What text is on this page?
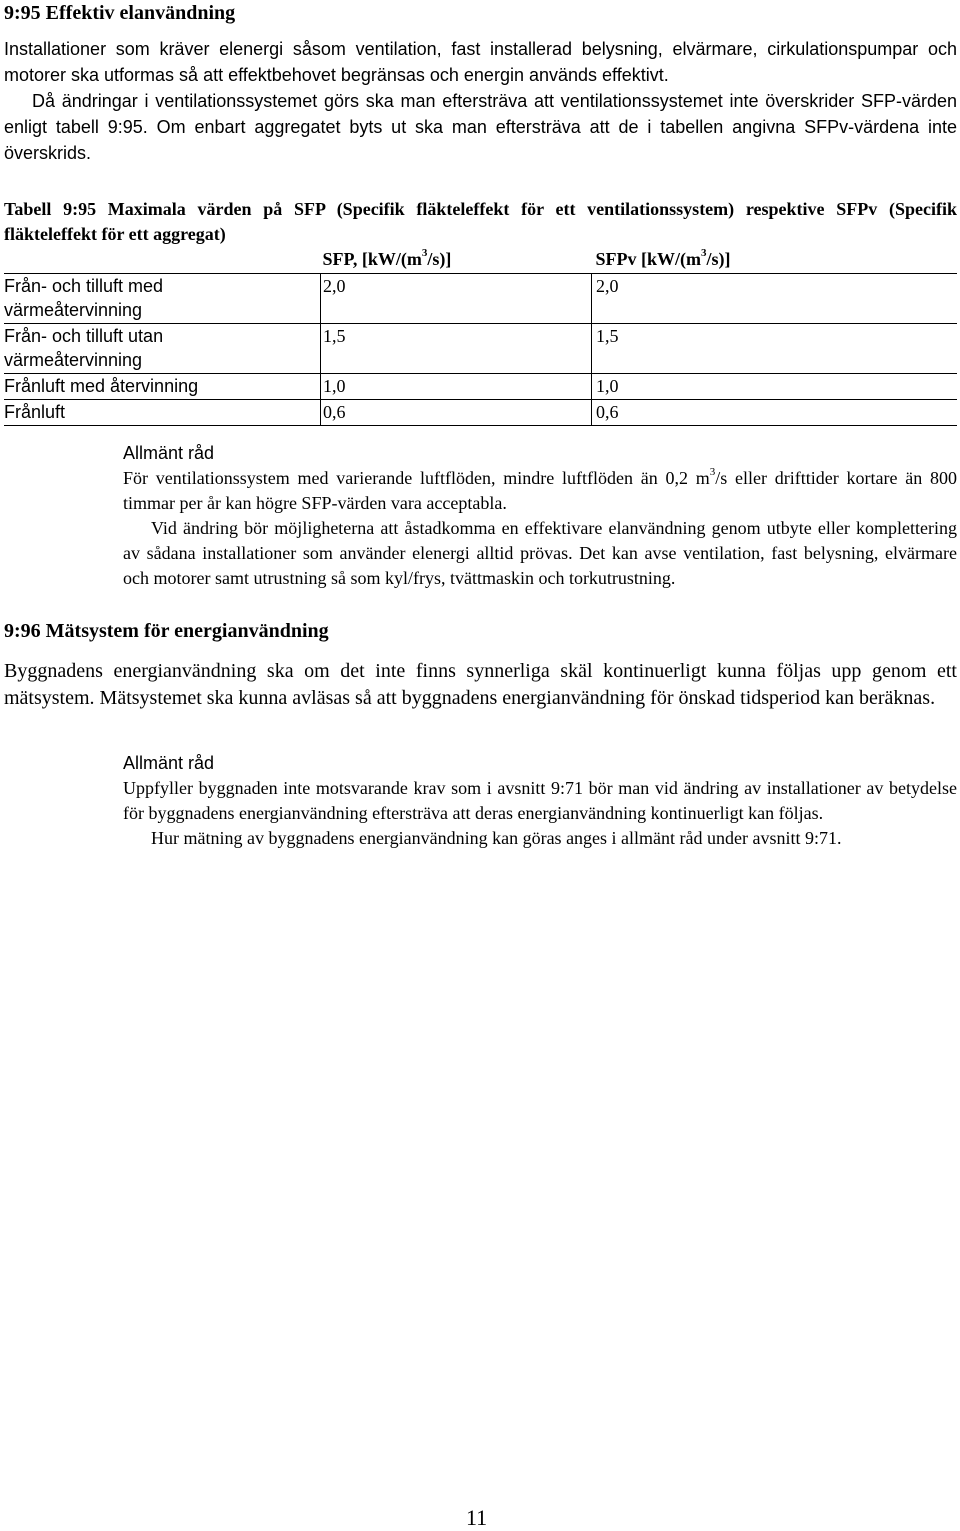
9:95 Effektiv elanvändning
Installationer som kräver elenergi såsom ventilation, fast installerad belysning, elvärmare, cirkulationspumpar och motorer ska utformas så att effektbehovet begränsas och energin används effektivt.
Då ändringar i ventilationssystemet görs ska man eftersträva att ventilationssystemet inte överskrider SFP-värden enligt tabell 9:95. Om enbart aggregatet byts ut ska man eftersträva att de i tabellen angivna SFPv-värdena inte överskrids.
Tabell 9:95 Maximala värden på SFP (Specifik fläkteleffekt för ett ventilationssystem) respektive SFPv (Specifik fläkteleffekt för ett aggregat)
	SFP, $[kW/(m^3/s)]$	SFPv $[kW/(m^3/s)]$

Från- och tilluft med
värmeåtervinning	2,0	2,0

Från- och tilluft utan
värmeåtervinning	1,5	1,5
Frånluft med återvinning	1,0	1,0
Frånluft	0,6	0,6
Allmänt råd
För ventilationssystem med varierande luftflöden, mindre luftflöden än 0,2 $m^3/s$ eller drifttider kortare än 800 timmar per år kan högre SFP-värden vara acceptabla.
Vid ändring bör möjligheterna att åstadkomma en effektivare elanvändning genom utbyte eller komplettering av sådana installationer som använder elenergi alltid prövas. Det kan avse ventilation, fast belysning, elvärmare och motorer samt utrustning så som kyl/frys, tvättmaskin och torkutrustning.
9:96 Mätsystem för energianvändning
Byggnadens energianvändning ska om det inte finns synnerliga skäl kontinuerligt kunna följas upp genom ett mätsystem. Mätsystemet ska kunna avläsas så att byggnadens energianvändning för önskad tidsperiod kan beräknas.
Allmänt råd
Uppfyller byggnaden inte motsvarande krav som i avsnitt 9:71 bör man vid ändring av installationer av betydelse för byggnadens energianvändning eftersträva att deras energianvändning kontinuerligt kan följas.
Hur mätning av byggnadens energianvändning kan göras anges i allmänt råd under avsnitt 9:71.
11
